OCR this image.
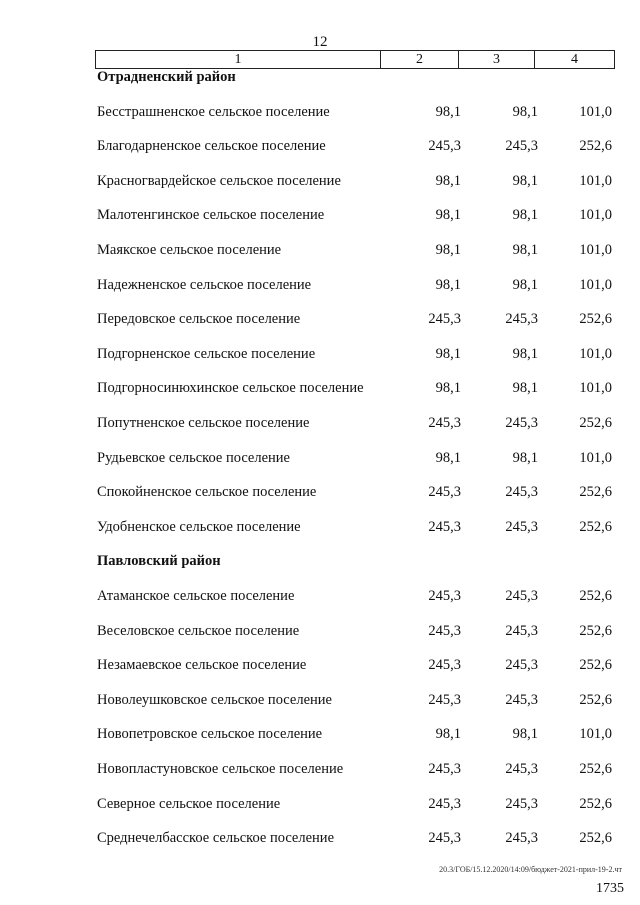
12
1	2	3	4
Отрадненский район
Бесстрашненское сельское поселение	98,1	98,1	101,0
Благодарненское сельское поселение	245,3	245,3	252,6
Красногвардейское сельское поселение	98,1	98,1	101,0
Малотенгинское сельское поселение	98,1	98,1	101,0
Маякское сельское поселение	98,1	98,1	101,0
Надежненское сельское поселение	98,1	98,1	101,0
Передовское сельское поселение	245,3	245,3	252,6
Подгорненское сельское поселение	98,1	98,1	101,0
Подгорносинюхинское сельское поселение	98,1	98,1	101,0
Попутненское сельское поселение	245,3	245,3	252,6
Рудьевское сельское поселение	98,1	98,1	101,0
Спокойненское сельское поселение	245,3	245,3	252,6
Удобненское сельское поселение	245,3	245,3	252,6
Павловский район
Атаманское сельское поселение	245,3	245,3	252,6
Веселовское сельское поселение	245,3	245,3	252,6
Незамаевское сельское поселение	245,3	245,3	252,6
Новолеушковское сельское поселение	245,3	245,3	252,6
Новопетровское сельское поселение	98,1	98,1	101,0
Новопластуновское сельское поселение	245,3	245,3	252,6
Северное сельское поселение	245,3	245,3	252,6
Среднечелбасское сельское поселение	245,3	245,3	252,6
20.3/ГОБ/15.12.2020/14:09/бюджет-2021-прил-19-2.чт
1735
